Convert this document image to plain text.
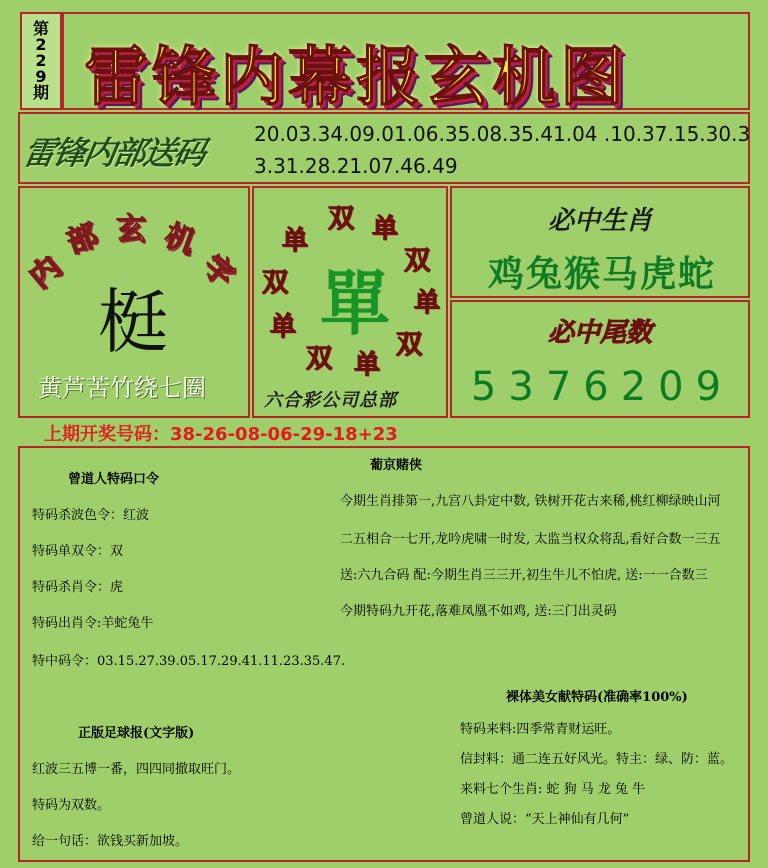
第229期 雷锋内幕报玄机图
雷锋内部送码 20.03.34.09.01.06.35.08.35.41.04 .10.37.15.30.33.31.28.21.07.46.49
内
部 玄 机
字
梃
黄芦苦竹绕七圈
双 单
双
单
双
单
双
单
双
单
單
六合彩公司总部
必中生肖
鸡兔猴马虎蛇
必中尾数
5376209
上期开奖号码：38-26-08-06-29-18+23
曾道人特码口令
特码杀波色令：红波
特码单双令：双
特码杀肖令：虎
特码出肖令:羊蛇兔牛
特中码令：03.15.27.39.05.17.29.41.11.23.35.47.
正版足球报(文字版)
红波三五博一番，四四同撤取旺门。
特码为双数。
给一句话：欲钱买新加坡。
葡京赌侠
今期生肖排第一,九宫八卦定中数, 铁树开花古来稀,桃红柳绿映山河
二五相合一七开,龙吟虎啸一时发, 太监当权众将乱,看好合数一三五
送:六九合码 配:今期生肖三三开,初生牛儿不怕虎, 送:一一合数三
今期特码九开花,落难凤凰不如鸡, 送:三门出灵码
裸体美女献特码(准确率100%)
特码来料:四季常青财运旺。
信封料：通二连五好风光。特主：绿、防：蓝。
来料七个生肖: 蛇 狗 马 龙 兔 牛
曾道人说：“天上神仙有几何”
